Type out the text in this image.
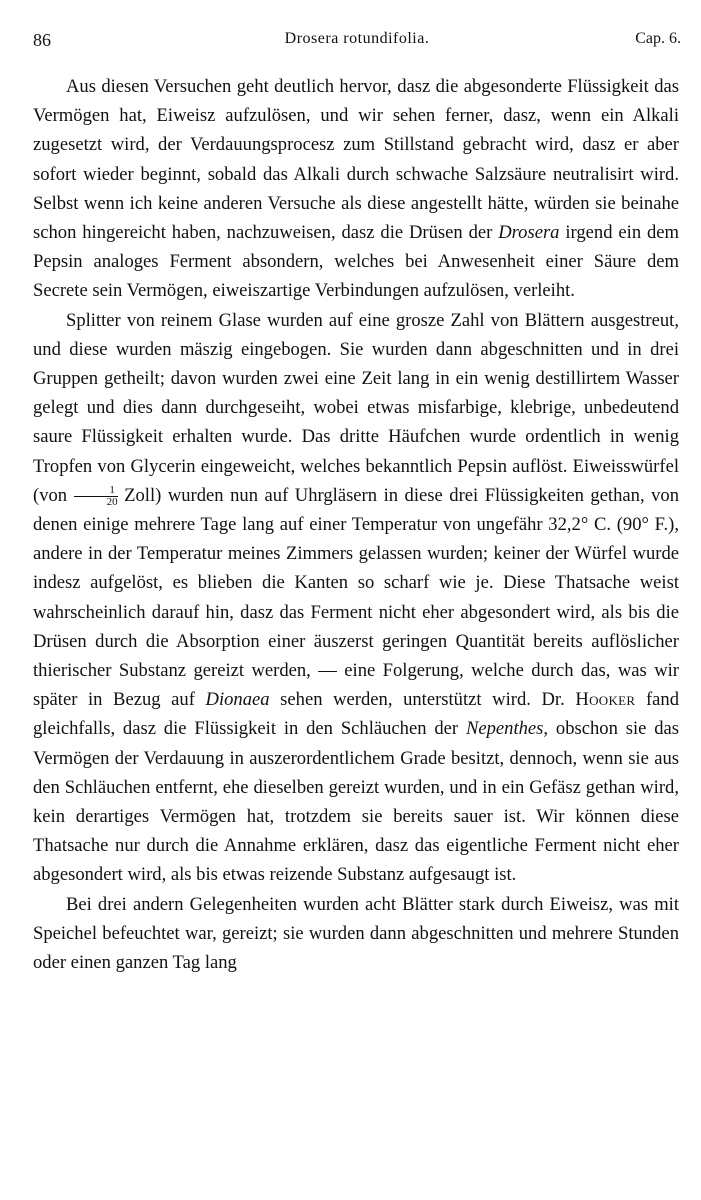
86	Drosera rotundifolia.	Cap. 6.

Aus diesen Versuchen geht deutlich hervor, dasz die abgesonderte Flüssigkeit das Vermögen hat, Eiweisz aufzulösen, und wir sehen ferner, dasz, wenn ein Alkali zugesetzt wird, der Verdauungsprocesz zum Stillstand gebracht wird, dasz er aber sofort wieder beginnt, sobald das Alkali durch schwache Salzsäure neutralisirt wird. Selbst wenn ich keine anderen Versuche als diese angestellt hätte, würden sie beinahe schon hingereicht haben, nachzuweisen, dasz die Drüsen der Drosera irgend ein dem Pepsin analoges Ferment absondern, welches bei Anwesenheit einer Säure dem Secrete sein Vermögen, eiweiszartige Verbindungen aufzulösen, verleiht.

Splitter von reinem Glase wurden auf eine grosze Zahl von Blättern ausgestreut, und diese wurden mäszig eingebogen. Sie wurden dann abgeschnitten und in drei Gruppen getheilt; davon wurden zwei eine Zeit lang in ein wenig destillirtem Wasser gelegt und dies dann durchgeseiht, wobei etwas misfarbige, klebrige, unbedeutend saure Flüssigkeit erhalten wurde. Das dritte Häufchen wurde ordentlich in wenig Tropfen von Glycerin eingeweicht, welches bekanntlich Pepsin auflöst. Eiweisswürfel ($von \frac{1}{20}$ Zoll) wurden nun auf Uhrgläsern in diese drei Flüssigkeiten gethan, von denen einige mehrere Tage lang auf einer Temperatur von ungefähr 32,2° C. (90° F.), andere in der Temperatur meines Zimmers gelassen wurden; keiner der Würfel wurde indesz aufgelöst, es blieben die Kanten so scharf wie je. Diese Thatsache weist wahrscheinlich darauf hin, dasz das Ferment nicht eher abgesondert wird, als bis die Drüsen durch die Absorption einer äuszerst geringen Quantität bereits auflöslicher thierischer Substanz gereizt werden, — eine Folgerung, welche durch das, was wir später in Bezug auf Dionaea sehen werden, unterstützt wird. Dr. Hooker fand gleichfalls, dasz die Flüssigkeit in den Schläuchen der Nepenthes, obschon sie das Vermögen der Verdauung in auszerordentlichem Grade besitzt, dennoch, wenn sie aus den Schläuchen entfernt, ehe dieselben gereizt wurden, und in ein Gefäsz gethan wird, kein derartiges Vermögen hat, trotzdem sie bereits sauer ist. Wir können diese Thatsache nur durch die Annahme erklären, dasz das eigentliche Ferment nicht eher abgesondert wird, als bis etwas reizende Substanz aufgesaugt ist.

Bei drei andern Gelegenheiten wurden acht Blätter stark durch Eiweisz, was mit Speichel befeuchtet war, gereizt; sie wurden dann abgeschnitten und mehrere Stunden oder einen ganzen Tag lang
